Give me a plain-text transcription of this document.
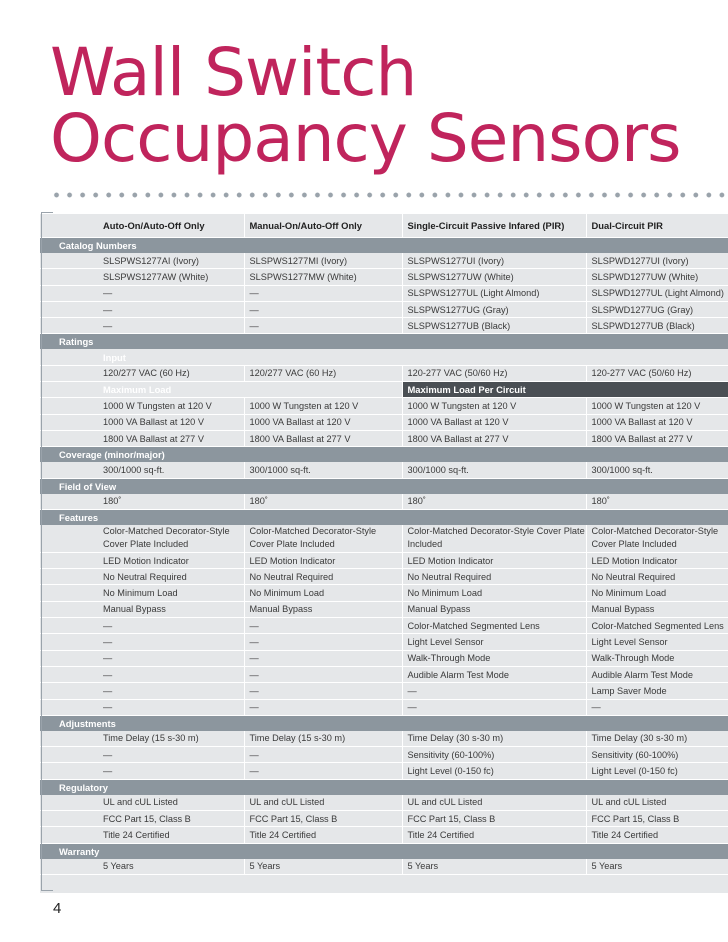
Wall Switch
Occupancy Sensors
	Auto-On/Auto-Off Only	Manual-On/Auto-Off Only	Single-Circuit Passive Infared (PIR)	Dual-Circuit PIR
Catalog Numbers				
	SLSPWS1277AI (Ivory)	SLSPWS1277MI (Ivory)	SLSPWS1277UI (Ivory)	SLSPWD1277UI (Ivory)
	SLSPWS1277AW (White)	SLSPWS1277MW (White)	SLSPWS1277UW (White)	SLSPWD1277UW (White)
	—	—	SLSPWS1277UL (Light Almond)	SLSPWD1277UL (Light Almond)
	—	—	SLSPWS1277UG (Gray)	SLSPWD1277UG (Gray)
	—	—	SLSPWS1277UB (Black)	SLSPWD1277UB (Black)
Ratings				
	Input			
	120/277 VAC (60 Hz)	120/277 VAC (60 Hz)	120-277 VAC (50/60 Hz)	120-277 VAC (50/60 Hz)
	Maximum Load		Maximum Load Per Circuit	
	1000 W Tungsten at 120 V	1000 W Tungsten at 120 V	1000 W Tungsten at 120 V	1000 W Tungsten at 120 V
	1000 VA Ballast at 120 V	1000 VA Ballast at 120 V	1000 VA Ballast at 120 V	1000 VA Ballast at 120 V
	1800 VA Ballast at 277 V	1800 VA Ballast at 277 V	1800 VA Ballast at 277 V	1800 VA Ballast at 277 V
Coverage (minor/major)				
	300/1000 sq-ft.	300/1000 sq-ft.	300/1000 sq-ft.	300/1000 sq-ft.
Field of View				
	180˚	180˚	180˚	180˚
Features				
	Color-Matched Decorator-Style Cover Plate Included	Color-Matched Decorator-Style Cover Plate Included	Color-Matched Decorator-Style Cover Plate Included	Color-Matched Decorator-Style Cover Plate Included
	LED Motion Indicator	LED Motion Indicator	LED Motion Indicator	LED Motion Indicator
	No Neutral Required	No Neutral Required	No Neutral Required	No Neutral Required
	No Minimum Load	No Minimum Load	No Minimum Load	No Minimum Load
	Manual Bypass	Manual Bypass	Manual Bypass	Manual Bypass
	—	—	Color-Matched Segmented Lens	Color-Matched Segmented Lens
	—	—	Light Level Sensor	Light Level Sensor
	—	—	Walk-Through Mode	Walk-Through Mode
	—	—	Audible Alarm Test Mode	Audible Alarm Test Mode
	—	—	—	Lamp Saver Mode
	—	—	—	—
Adjustments				
	Time Delay (15 s-30 m)	Time Delay (15 s-30 m)	Time Delay (30 s-30 m)	Time Delay (30 s-30 m)
	—	—	Sensitivity (60-100%)	Sensitivity (60-100%)
	—	—	Light Level (0-150 fc)	Light Level (0-150 fc)
Regulatory				
	UL and cUL Listed	UL and cUL Listed	UL and cUL Listed	UL and cUL Listed
	FCC Part 15, Class B	FCC Part 15, Class B	FCC Part 15, Class B	FCC Part 15, Class B
	Title 24 Certified	Title 24 Certified	Title 24 Certified	Title 24 Certified
Warranty				
	5 Years	5 Years	5 Years	5 Years
4
